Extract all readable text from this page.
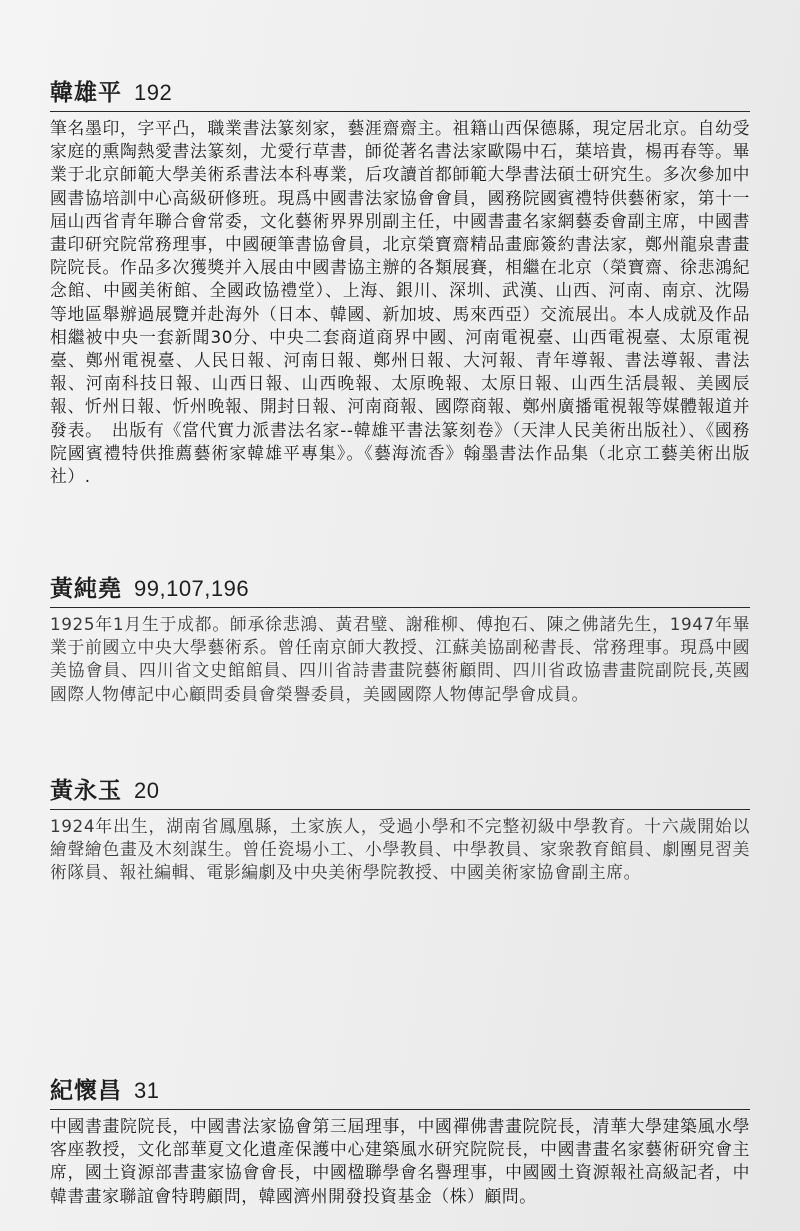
韓雄平 192

筆名墨印，字平凸，職業書法篆刻家，藝涯齋齋主。祖籍山西保德縣，現定居北京。自幼受家庭的熏陶熱愛書法篆刻，尤愛行草書，師從著名書法家歐陽中石，葉培貴，楊再春等。畢業于北京師範大學美術系書法本科專業，后攻讀首都師範大學書法碩士研究生。多次參加中國書協培訓中心高級研修班。現爲中國書法家協會會員，國務院國賓禮特供藝術家，第十一屆山西省青年聯合會常委，文化藝術界界別副主任，中國書畫名家網藝委會副主席，中國書畫印研究院常務理事，中國硬筆書協會員，北京榮寶齋精品畫廊簽約書法家，鄭州龍泉書畫院院長。作品多次獲獎并入展由中國書協主辦的各類展賽，相繼在北京（榮寶齋、徐悲鴻紀念館、中國美術館、全國政協禮堂）、上海、銀川、深圳、武漢、山西、河南、南京、沈陽等地區舉辦過展覽并赴海外（日本、韓國、新加坡、馬來西亞）交流展出。本人成就及作品相繼被中央一套新聞30分、中央二套商道商界中國、河南電視臺、山西電視臺、太原電視臺、鄭州電視臺、人民日報、河南日報、鄭州日報、大河報、青年導報、書法導報、書法報、河南科技日報、山西日報、山西晚報、太原晚報、太原日報、山西生活晨報、美國辰報、忻州日報、忻州晚報、開封日報、河南商報、國際商報、鄭州廣播電視報等媒體報道并發表。　出版有《當代實力派書法名家--韓雄平書法篆刻卷》（天津人民美術出版社）、《國務院國賓禮特供推薦藝術家韓雄平專集》。《藝海流香》翰墨書法作品集（北京工藝美術出版社）.

黃純堯 99,107,196

1925年1月生于成都。師承徐悲鴻、黃君璧、謝稚柳、傅抱石、陳之佛諸先生，1947年畢業于前國立中央大學藝術系。曾任南京師大教授、江蘇美協副秘書長、常務理事。現爲中國美協會員、四川省文史館館員、四川省詩書畫院藝術顧問、四川省政協書畫院副院長,英國國際人物傳記中心顧問委員會榮譽委員，美國國際人物傳記學會成員。

黃永玉 20

1924年出生，湖南省鳳凰縣，土家族人，受過小學和不完整初級中學教育。十六歲開始以繪聲繪色畫及木刻謀生。曾任瓷場小工、小學教員、中學教員、家衆教育館員、劇團見習美術隊員、報社編輯、電影編劇及中央美術學院教授、中國美術家協會副主席。

紀懷昌 31

中國書畫院院長，中國書法家協會第三屆理事，中國禪佛書畫院院長，清華大學建築風水學客座教授，文化部華夏文化遺產保護中心建築風水研究院院長，中國書畫名家藝術研究會主席，國土資源部書畫家協會會長，中國楹聯學會名譽理事，中國國土資源報社高級記者，中韓書畫家聯誼會特聘顧問，韓國濟州開發投資基金（株）顧問。
